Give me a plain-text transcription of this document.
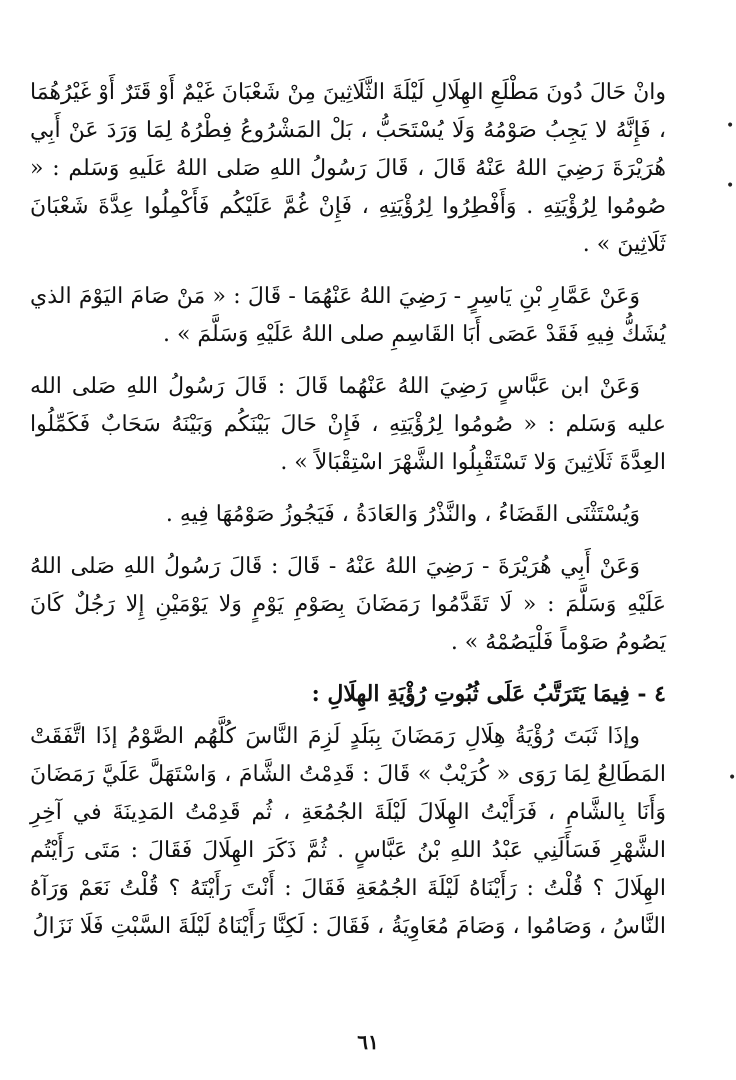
وانْ حَالَ دُونَ مَطْلَعِ الهِلَالِ لَيْلَةَ الثَّلَاثِينَ مِنْ شَعْبَانَ غَيْمٌ أَوْ قَتَرٌ أَوْ غَيْرُهُمَا ، فَإِنَّهُ لا يَجِبُ صَوْمُهُ وَلَا يُسْتَحَبُّ ، بَلْ المَشْرُوعُ فِطْرُهُ لِمَا وَرَدَ عَنْ أَبِي هُرَيْرَةَ رَضِيَ اللهُ عَنْهُ قَالَ ، قَالَ رَسُولُ اللهِ صَلى اللهُ عَلَيهِ وَسَلم : « صُومُوا لِرُؤْيَتِهِ . وَأَفْطِرُوا لِرُؤْيَتِهِ ، فَإِنْ غُمَّ عَلَيْكُم فَأَكْمِلُوا عِدَّةَ شَعْبَانَ ثَلَاثِينَ » .

وَعَنْ عَمَّارِ بْنِ يَاسِرٍ - رَضِيَ اللهُ عَنْهُمَا - قَالَ : « مَنْ صَامَ اليَوْمَ الذي يُشَكُّ فِيهِ فَقَدْ عَصَى أَبَا القَاسِمِ صلى اللهُ عَلَيْهِ وَسَلَّمَ » .

وَعَنْ ابن عَبَّاسٍ رَضِيَ اللهُ عَنْهُما قَالَ : قَالَ رَسُولُ اللهِ صَلى الله عليه وَسَلم : « صُومُوا لِرُؤْيَتِهِ ، فَإِنْ حَالَ بَيْنَكُم وَبَيْنَهُ سَحَابٌ فَكَمِّلُوا العِدَّةَ ثَلَاثِينَ وَلا تَسْتَقْبِلُوا الشَّهْرَ اسْتِقْبَالاً » .

وَيُسْتَثْنَى القَضَاءُ ، والنَّذْرُ وَالعَادَةُ ، فَيَجُوزُ صَوْمُهَا فِيهِ .

وَعَنْ أَبِي هُرَيْرَةَ - رَضِيَ اللهُ عَنْهُ - قَالَ : قَالَ رَسُولُ اللهِ صَلى اللهُ عَلَيْهِ وَسَلَّمَ : « لَا تَقَدَّمُوا رَمَضَانَ بِصَوْمِ يَوْمٍ وَلا يَوْمَيْنِ إِلا رَجُلٌ كَانَ يَصُومُ صَوْماً فَلْيَصُمْهُ » .

٤ - فِيمَا يَتَرَتَّبُ عَلَى ثُبُوتِ رُؤْيَةِ الهِلَالِ :

وإذَا ثَبَتَ رُؤْيَةُ هِلَالِ رَمَضَانَ بِبَلَدٍ لَزِمَ النَّاسَ كُلَّهُم الصَّوْمُ إذَا اتَّفَقَتْ المَطَالِعُ لِمَا رَوَى « كُرَيْبٌ » قَالَ : قَدِمْتُ الشَّامَ ، وَاسْتَهَلَّ عَلَيَّ رَمَضَانَ وَأَنَا بِالشَّامِ ، فَرَأَيْتُ الهِلَالَ لَيْلَةَ الجُمُعَةِ ، ثُم قَدِمْتُ المَدِينَةَ في آخِرِ الشَّهْرِ فَسَأَلَنِي عَبْدُ اللهِ بْنُ عَبَّاسٍ . ثُمَّ ذَكَرَ الهِلَالَ فَقَالَ : مَتَى رَأَيْتُم الهِلَالَ ؟ قُلْتُ : رَأَيْنَاهُ لَيْلَةَ الجُمُعَةِ فَقَالَ : أَنْتَ رَأَيْتَهُ ؟ قُلْتُ نَعَمْ وَرَآهُ النَّاسُ ، وَصَامُوا ، وَصَامَ مُعَاوِيَةُ ، فَقَالَ : لَكِنَّا رَأَيْنَاهُ لَيْلَةَ السَّبْتِ فَلَا نَزَالُ

٦١
•
•
•
